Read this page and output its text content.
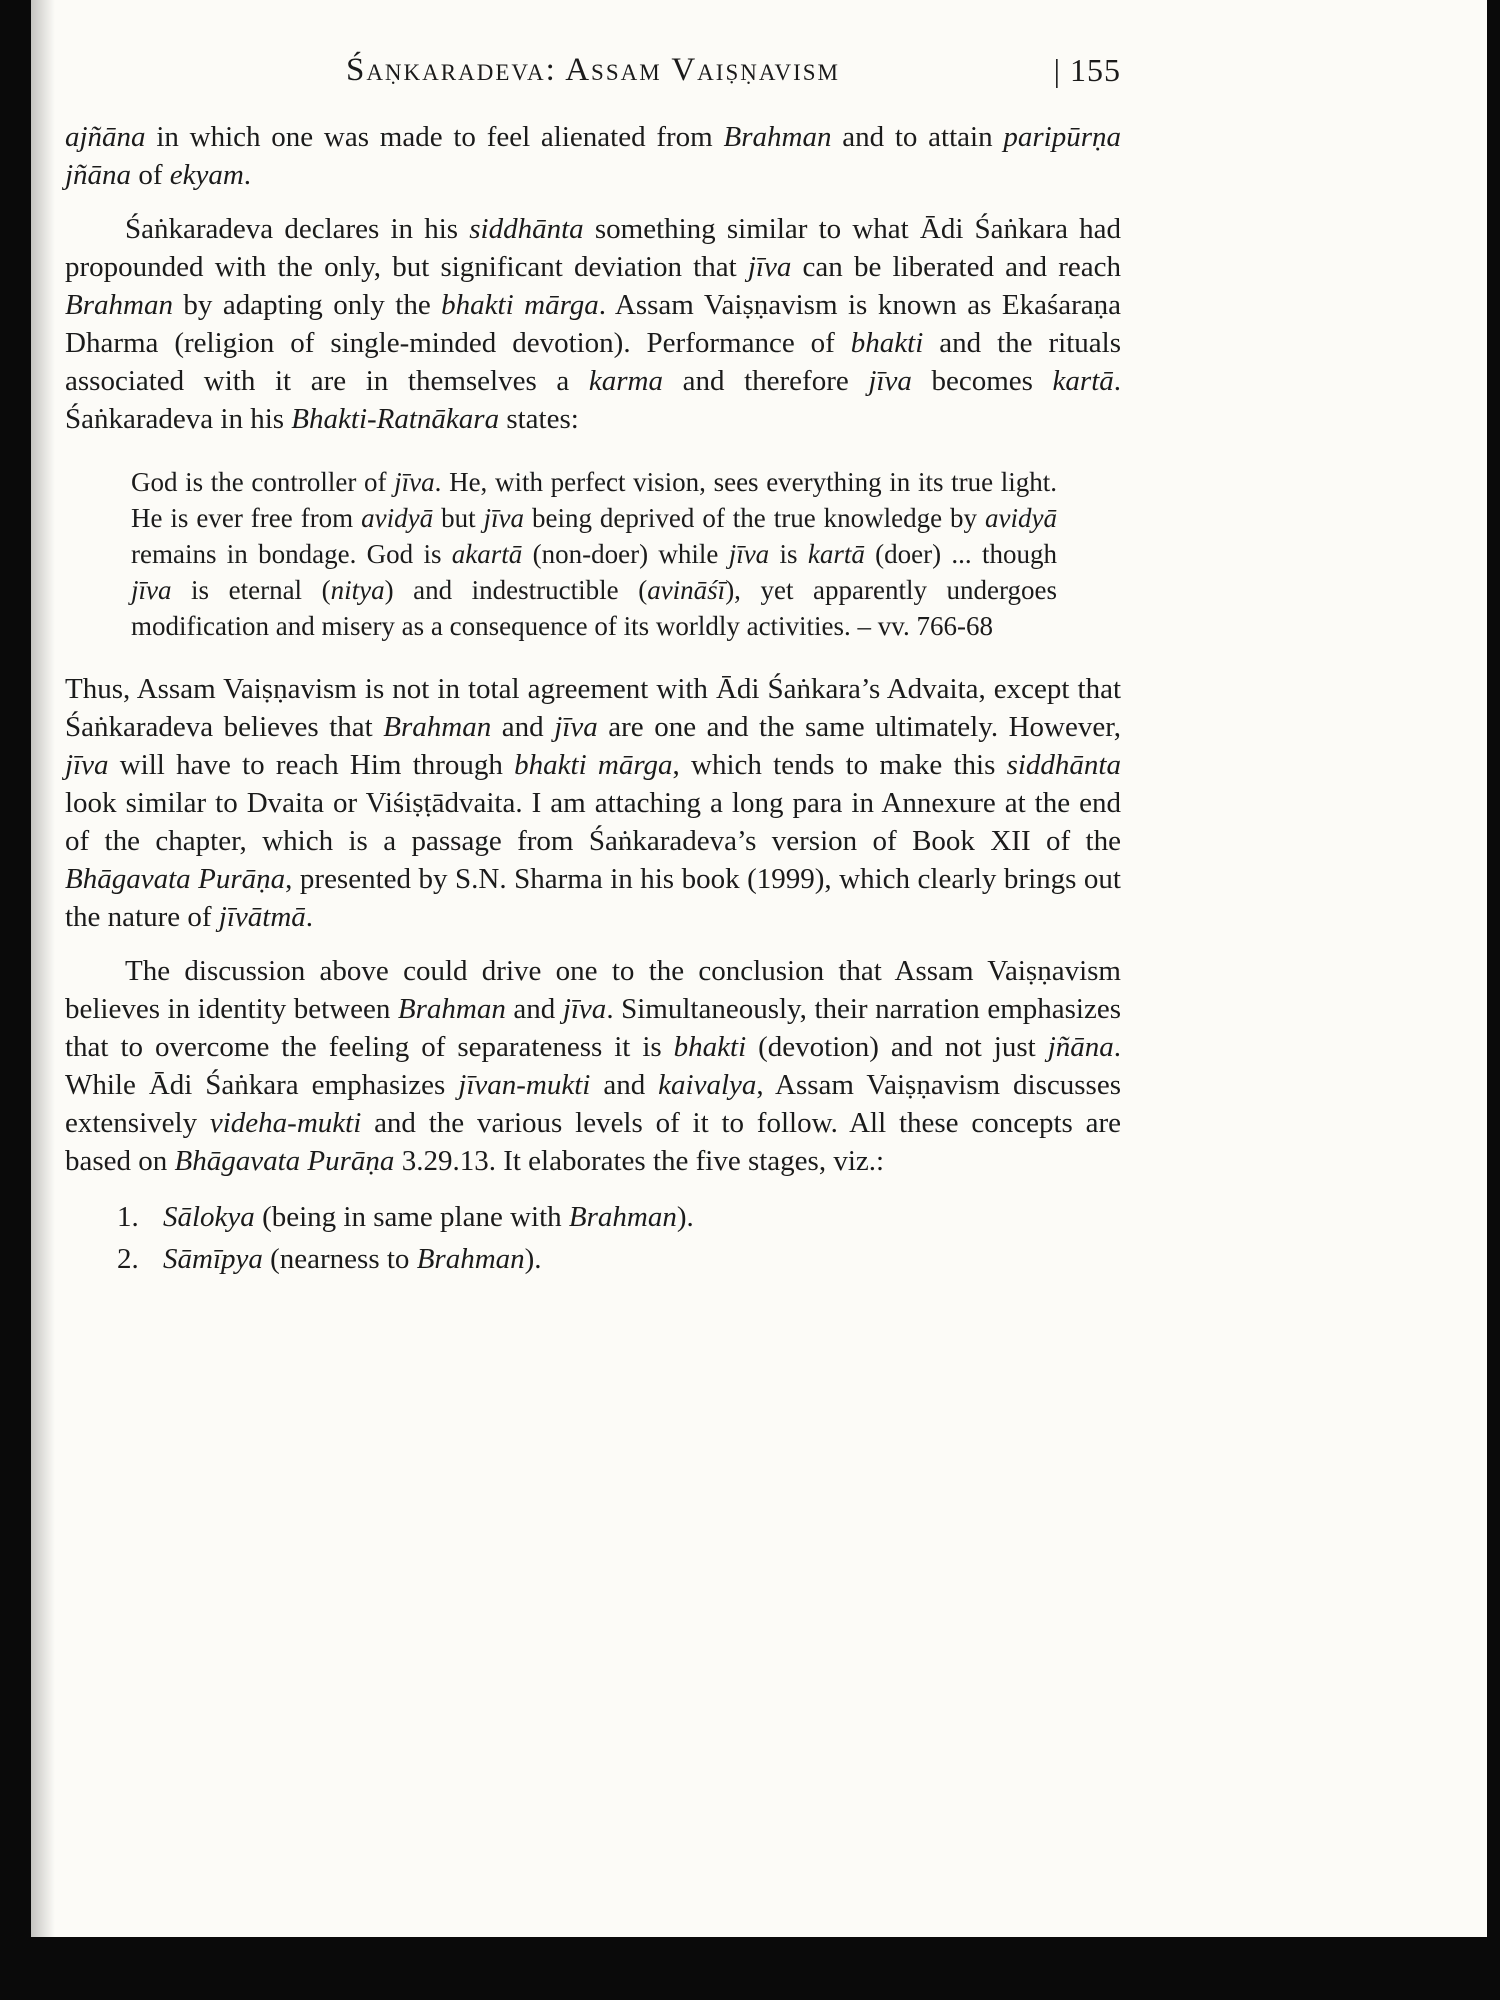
Śaṇkaradeva: Assam Vaiṣṇavism	| 155

ajñāna in which one was made to feel alienated from Brahman and to attain paripūrṇa jñāna of ekyam.

Śaṅkaradeva declares in his siddhānta something similar to what Ādi Śaṅkara had propounded with the only, but significant deviation that jīva can be liberated and reach Brahman by adapting only the bhakti mārga. Assam Vaiṣṇavism is known as Ekaśaraṇa Dharma (religion of single-minded devotion). Performance of bhakti and the rituals associated with it are in themselves a karma and therefore jīva becomes kartā. Śaṅkaradeva in his Bhakti-Ratnākara states:

God is the controller of jīva. He, with perfect vision, sees everything in its true light. He is ever free from avidyā but jīva being deprived of the true knowledge by avidyā remains in bondage. God is akartā (non-doer) while jīva is kartā (doer) ... though jīva is eternal (nitya) and indestructible (avināśī), yet apparently undergoes modification and misery as a consequence of its worldly activities. – vv. 766-68

Thus, Assam Vaiṣṇavism is not in total agreement with Ādi Śaṅkara’s Advaita, except that Śaṅkaradeva believes that Brahman and jīva are one and the same ultimately. However, jīva will have to reach Him through bhakti mārga, which tends to make this siddhānta look similar to Dvaita or Viśiṣṭādvaita. I am attaching a long para in Annexure at the end of the chapter, which is a passage from Śaṅkaradeva’s version of Book XII of the Bhāgavata Purāṇa, presented by S.N. Sharma in his book (1999), which clearly brings out the nature of jīvātmā.

The discussion above could drive one to the conclusion that Assam Vaiṣṇavism believes in identity between Brahman and jīva. Simultaneously, their narration emphasizes that to overcome the feeling of separateness it is bhakti (devotion) and not just jñāna. While Ādi Śaṅkara emphasizes jīvan-mukti and kaivalya, Assam Vaiṣṇavism discusses extensively videha-mukti and the various levels of it to follow. All these concepts are based on Bhāgavata Purāṇa 3.29.13. It elaborates the five stages, viz.:

1. Sālokya (being in same plane with Brahman).
2. Sāmīpya (nearness to Brahman).
